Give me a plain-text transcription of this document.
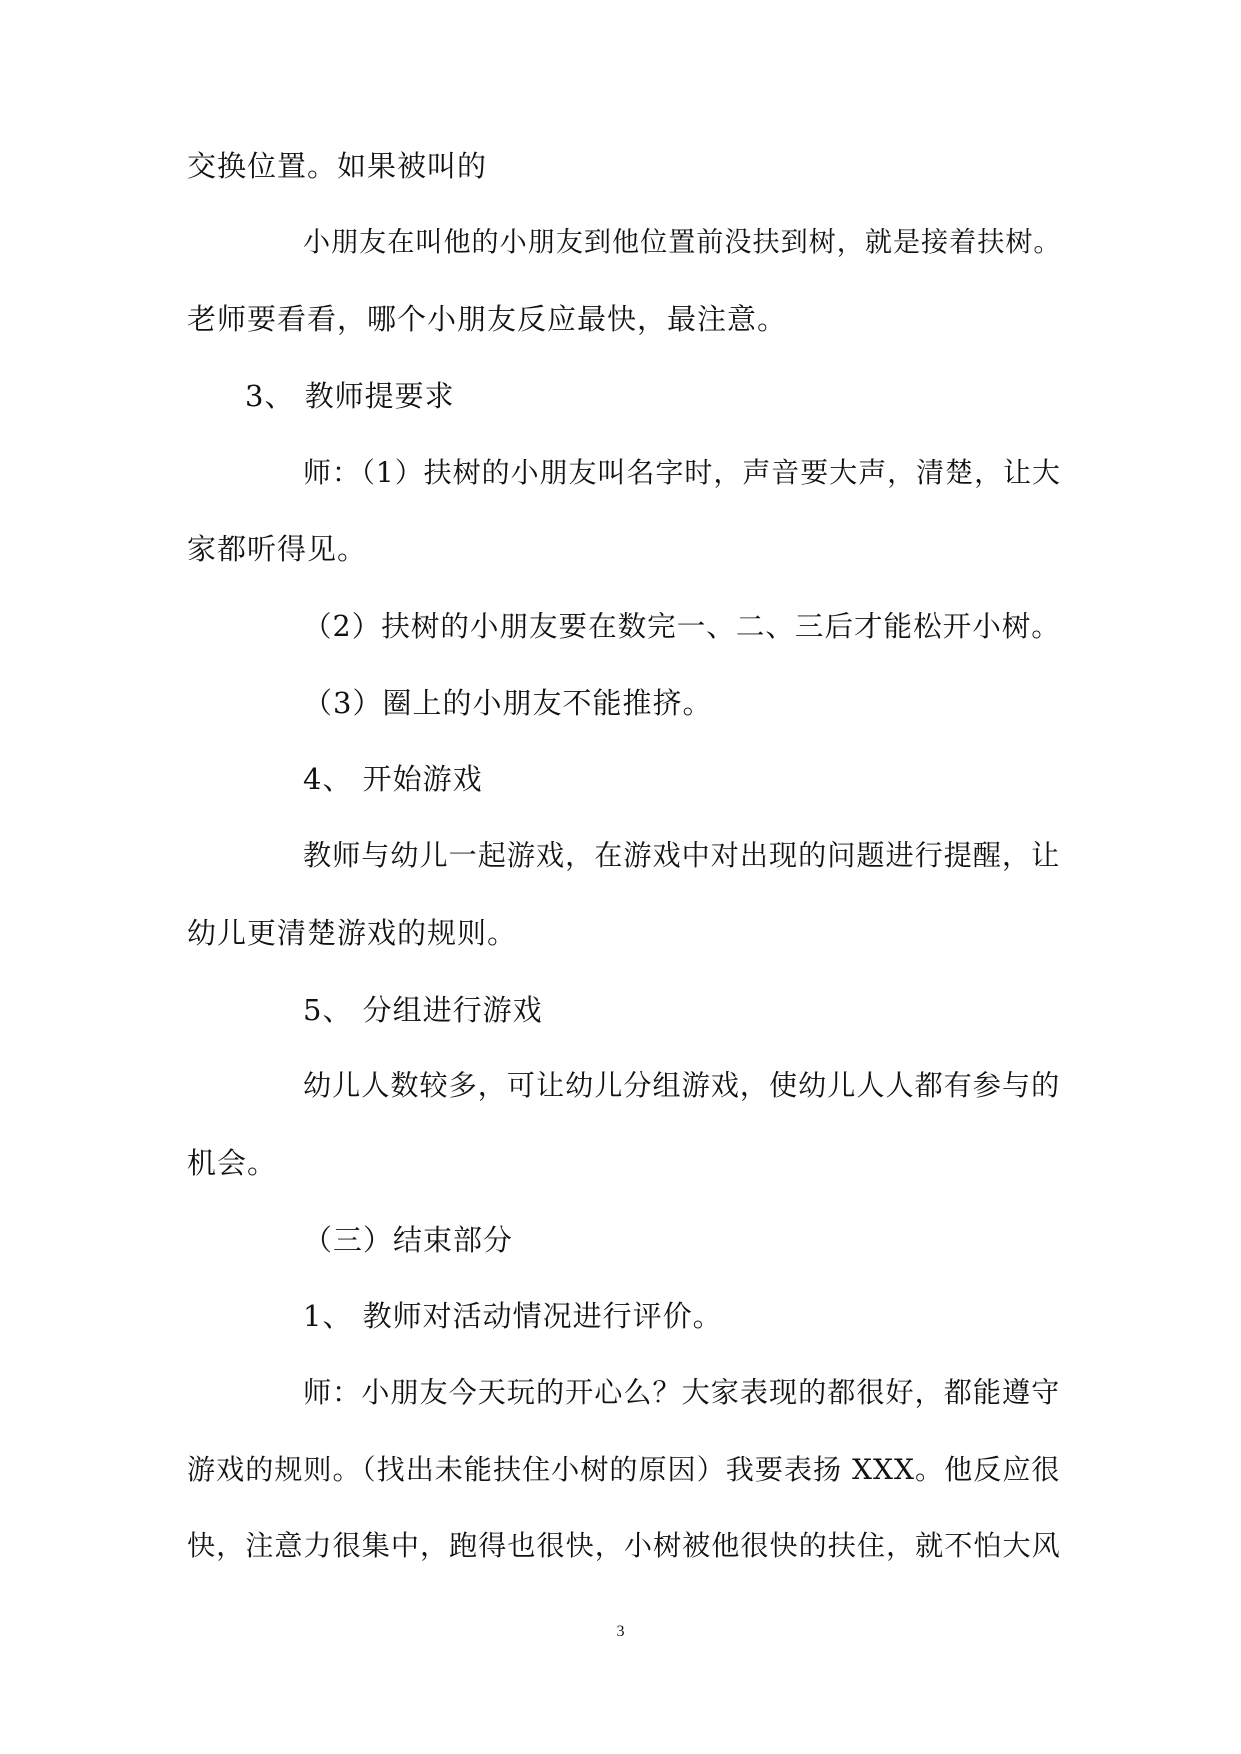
交换位置。如果被叫的
小朋友在叫他的小朋友到他位置前没扶到树，就是接着扶树。
老师要看看，哪个小朋友反应最快，最注意。
3、 教师提要求
师：（1）扶树的小朋友叫名字时，声音要大声，清楚，让大
家都听得见。
（2）扶树的小朋友要在数完一、二、三后才能松开小树。
（3）圈上的小朋友不能推挤。
4、 开始游戏
教师与幼儿一起游戏，在游戏中对出现的问题进行提醒，让
幼儿更清楚游戏的规则。
5、 分组进行游戏
幼儿人数较多，可让幼儿分组游戏，使幼儿人人都有参与的
机会。
（三）结束部分
1、 教师对活动情况进行评价。
师：小朋友今天玩的开心么？大家表现的都很好，都能遵守
游戏的规则。（找出未能扶住小树的原因）我要表扬 XXX。他反应很
快，注意力很集中，跑得也很快，小树被他很快的扶住，就不怕大风
3
